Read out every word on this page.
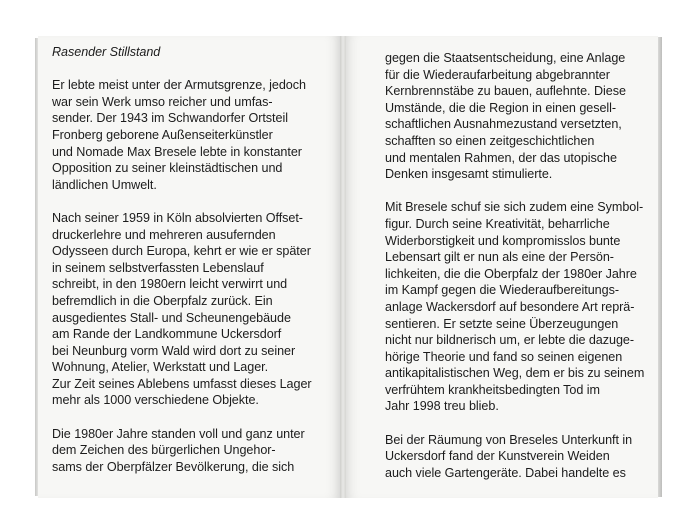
Rasender Stillstand
Er lebte meist unter der Armutsgrenze, jedoch
war sein Werk umso reicher und umfas-
sender. Der 1943 im Schwandorfer Ortsteil
Fronberg geborene Außenseiterkünstler
und Nomade Max Bresele lebte in konstanter
Opposition zu seiner kleinstädtischen und
ländlichen Umwelt.
Nach seiner 1959 in Köln absolvierten Offset-
druckerlehre und mehreren ausufernden
Odysseen durch Europa, kehrt er wie er später
in seinem selbstverfassten Lebenslauf
schreibt, in den 1980ern leicht verwirrt und
befremdlich in die Oberpfalz zurück. Ein
ausgedientes Stall- und Scheunengebäude
am Rande der Landkommune Uckersdorf
bei Neunburg vorm Wald wird dort zu seiner
Wohnung, Atelier, Werkstatt und Lager.
Zur Zeit seines Ablebens umfasst dieses Lager
mehr als 1000 verschiedene Objekte.
Die 1980er Jahre standen voll und ganz unter
dem Zeichen des bürgerlichen Ungehor-
sams der Oberpfälzer Bevölkerung, die sich
gegen die Staatsentscheidung, eine Anlage
für die Wiederaufarbeitung abgebrannter
Kernbrennstäbe zu bauen, auflehnte. Diese
Umstände, die die Region in einen gesell-
schaftlichen Ausnahmezustand versetzten,
schafften so einen zeitgeschichtlichen
und mentalen Rahmen, der das utopische
Denken insgesamt stimulierte.
Mit Bresele schuf sie sich zudem eine Symbol-
figur. Durch seine Kreativität, beharrliche
Widerborstigkeit und kompromisslos bunte
Lebensart gilt er nun als eine der Persön-
lichkeiten, die die Oberpfalz der 1980er Jahre
im Kampf gegen die Wiederaufbereitungs-
anlage Wackersdorf auf besondere Art reprä-
sentieren. Er setzte seine Überzeugungen
nicht nur bildnerisch um, er lebte die dazuge-
hörige Theorie und fand so seinen eigenen
antikapitalistischen Weg, dem er bis zu seinem
verfrühtem krankheitsbedingten Tod im
Jahr 1998 treu blieb.
Bei der Räumung von Breseles Unterkunft in
Uckersdorf fand der Kunstverein Weiden
auch viele Gartengeräte. Dabei handelte es
